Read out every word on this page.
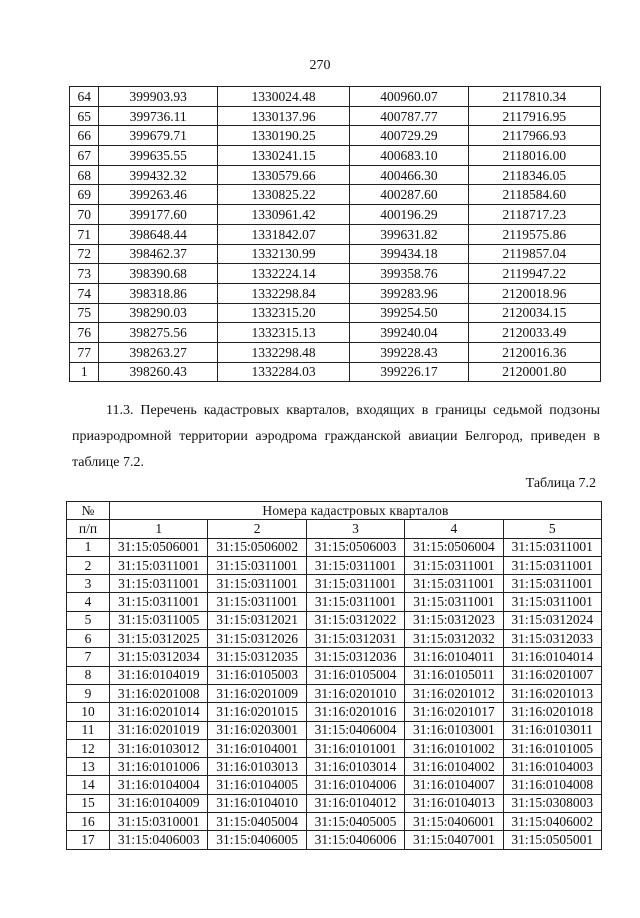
270
64	399903.93	1330024.48	400960.07	2117810.34
65	399736.11	1330137.96	400787.77	2117916.95
66	399679.71	1330190.25	400729.29	2117966.93
67	399635.55	1330241.15	400683.10	2118016.00
68	399432.32	1330579.66	400466.30	2118346.05
69	399263.46	1330825.22	400287.60	2118584.60
70	399177.60	1330961.42	400196.29	2118717.23
71	398648.44	1331842.07	399631.82	2119575.86
72	398462.37	1332130.99	399434.18	2119857.04
73	398390.68	1332224.14	399358.76	2119947.22
74	398318.86	1332298.84	399283.96	2120018.96
75	398290.03	1332315.20	399254.50	2120034.15
76	398275.56	1332315.13	399240.04	2120033.49
77	398263.27	1332298.48	399228.43	2120016.36
1	398260.43	1332284.03	399226.17	2120001.80

11.3. Перечень кадастровых кварталов, входящих в границы седьмой подзоны

приаэродромной территории аэродрома гражданской авиации Белгород, приведен в

таблице 7.2.

Таблица 7.2
№	Номера кадастровых кварталов				
п/п	1	2	3	4	5
1	31:15:0506001	31:15:0506002	31:15:0506003	31:15:0506004	31:15:0311001
2	31:15:0311001	31:15:0311001	31:15:0311001	31:15:0311001	31:15:0311001
3	31:15:0311001	31:15:0311001	31:15:0311001	31:15:0311001	31:15:0311001
4	31:15:0311001	31:15:0311001	31:15:0311001	31:15:0311001	31:15:0311001
5	31:15:0311005	31:15:0312021	31:15:0312022	31:15:0312023	31:15:0312024
6	31:15:0312025	31:15:0312026	31:15:0312031	31:15:0312032	31:15:0312033
7	31:15:0312034	31:15:0312035	31:15:0312036	31:16:0104011	31:16:0104014
8	31:16:0104019	31:16:0105003	31:16:0105004	31:16:0105011	31:16:0201007
9	31:16:0201008	31:16:0201009	31:16:0201010	31:16:0201012	31:16:0201013
10	31:16:0201014	31:16:0201015	31:16:0201016	31:16:0201017	31:16:0201018
11	31:16:0201019	31:16:0203001	31:15:0406004	31:16:0103001	31:16:0103011
12	31:16:0103012	31:16:0104001	31:16:0101001	31:16:0101002	31:16:0101005
13	31:16:0101006	31:16:0103013	31:16:0103014	31:16:0104002	31:16:0104003
14	31:16:0104004	31:16:0104005	31:16:0104006	31:16:0104007	31:16:0104008
15	31:16:0104009	31:16:0104010	31:16:0104012	31:16:0104013	31:15:0308003
16	31:15:0310001	31:15:0405004	31:15:0405005	31:15:0406001	31:15:0406002
17	31:15:0406003	31:15:0406005	31:15:0406006	31:15:0407001	31:15:0505001
